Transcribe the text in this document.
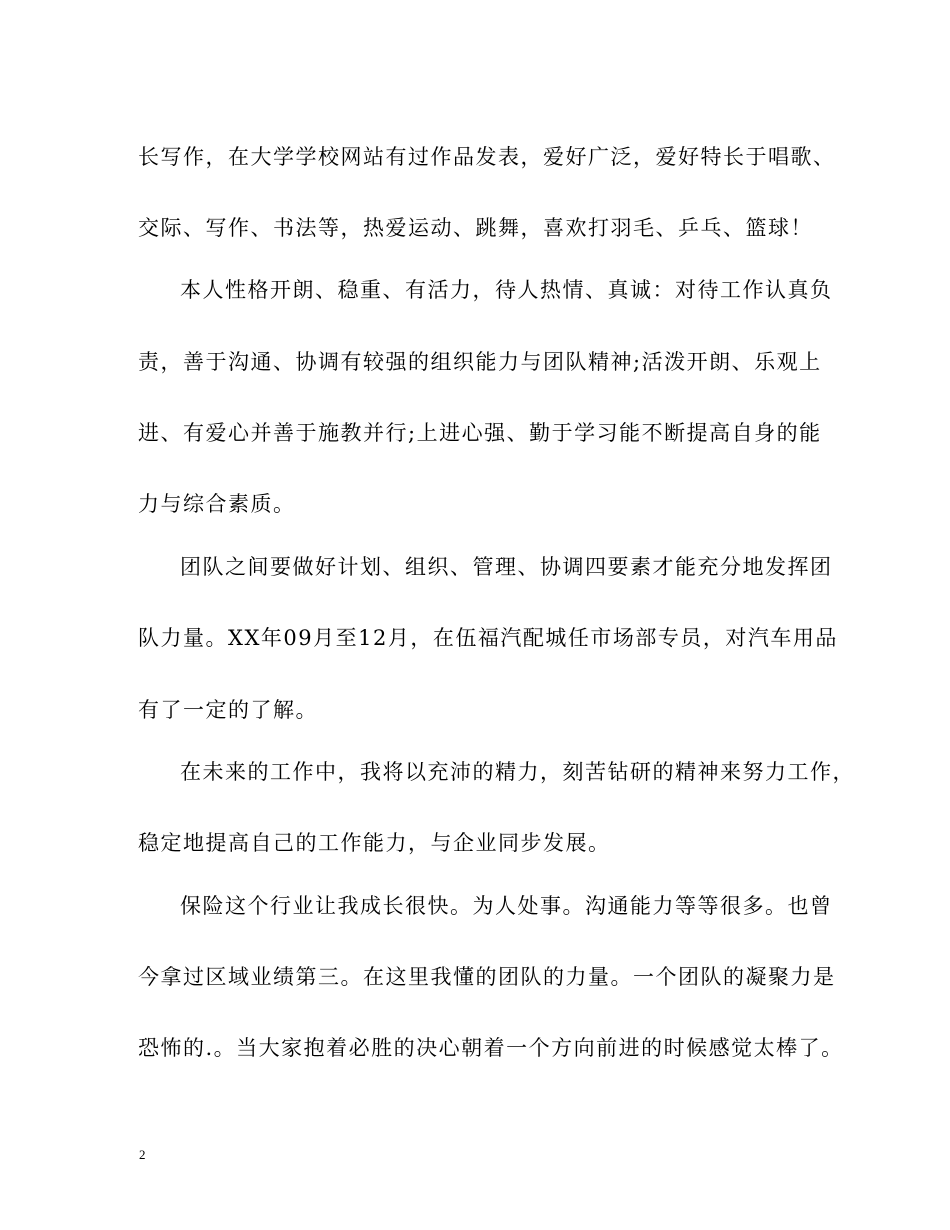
长写作，在大学学校网站有过作品发表，爱好广泛，爱好特长于唱歌、
交际、写作、书法等，热爱运动、跳舞，喜欢打羽毛、乒乓、篮球！
本人性格开朗、稳重、有活力，待人热情、真诚：对待工作认真负
责，善于沟通、协调有较强的组织能力与团队精神;活泼开朗、乐观上
进、有爱心并善于施教并行;上进心强、勤于学习能不断提高自身的能
力与综合素质。
团队之间要做好计划、组织、管理、协调四要素才能充分地发挥团
队力量。XX年09月至12月，在伍福汽配城任市场部专员，对汽车用品
有了一定的了解。
在未来的工作中，我将以充沛的精力，刻苦钻研的精神来努力工作，
稳定地提高自己的工作能力，与企业同步发展。
保险这个行业让我成长很快。为人处事。沟通能力等等很多。也曾
今拿过区域业绩第三。在这里我懂的团队的力量。一个团队的凝聚力是
恐怖的.。当大家抱着必胜的决心朝着一个方向前进的时候感觉太棒了。
2
